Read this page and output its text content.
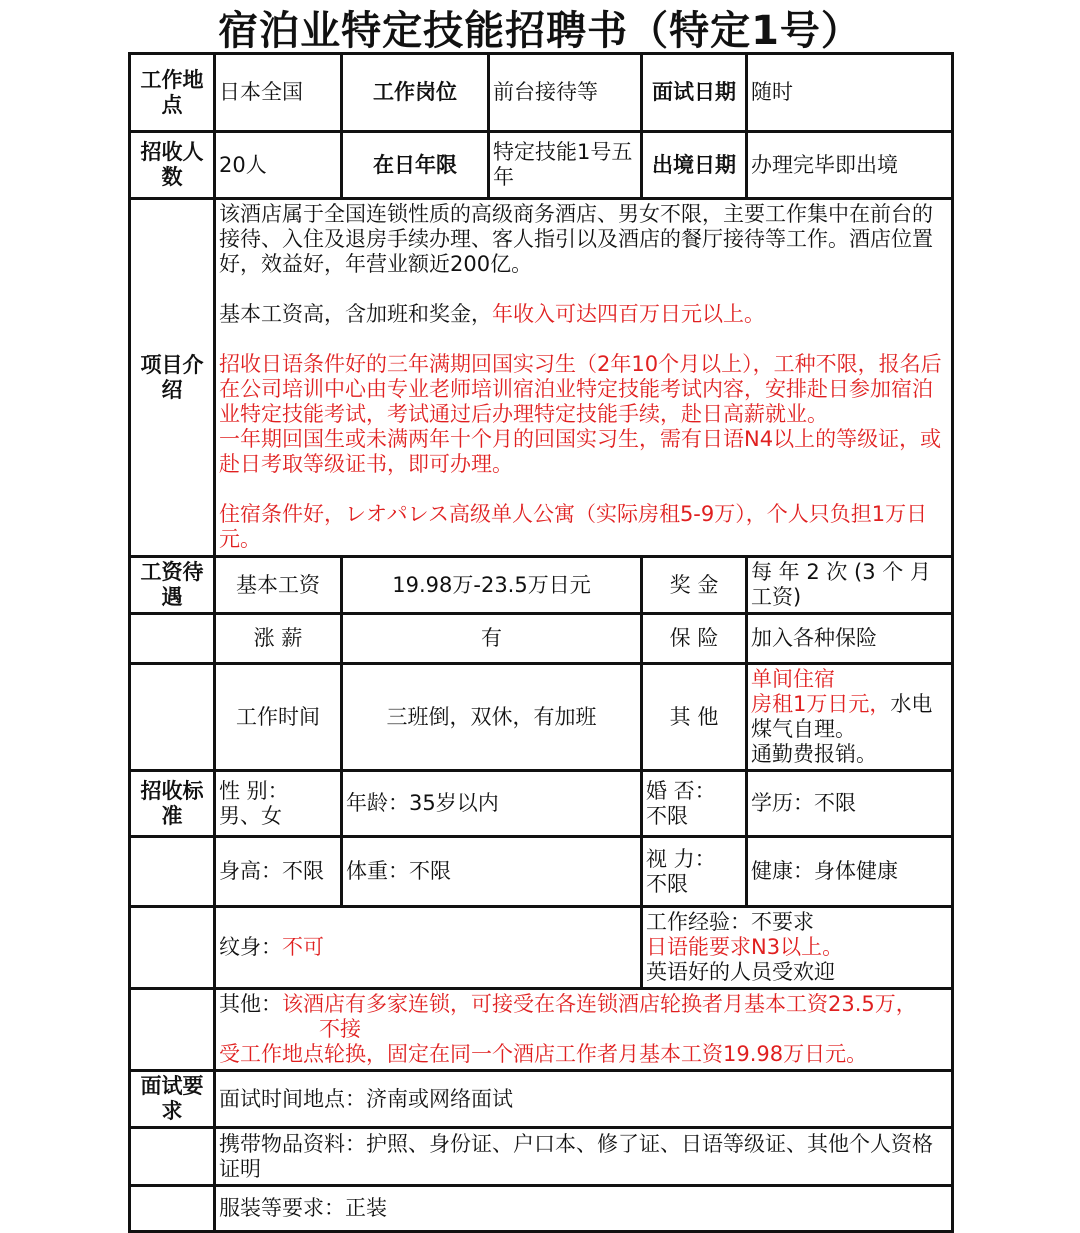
宿泊业特定技能招聘书（特定1号）
工作地点	日本全国	工作岗位	前台接待等	面试日期	随时
招收人数	20人	在日年限	特定技能1号五年	出境日期	办理完毕即出境
项目介绍	该酒店属于全国连锁性质的高级商务酒店、男女不限，主要工作集中在前台的接待、入住及退房手续办理、客人指引以及酒店的餐厅接待等工作。酒店位置好，效益好，年营业额近200亿。

基本工资高，含加班和奖金，年收入可达四百万日元以上。

招收日语条件好的三年满期回国实习生（2年10个月以上），工种不限，报名后在公司培训中心由专业老师培训宿泊业特定技能考试内容，安排赴日参加宿泊业特定技能考试，考试通过后办理特定技能手续，赴日高薪就业。

一年期回国生或未满两年十个月的回国实习生，需有日语N4以上的等级证，或赴日考取等级证书，即可办理。

住宿条件好，レオパレス高级单人公寓（实际房租5-9万），个人只负担1万日元。				

工资待遇	基本工资	19.98万-23.5万日元		奖 金	每 年 2 次 (3 个 月 工资)
	涨 薪	有		保 险	加入各种保险
	工作时间	三班倒，双休，有加班		其 他	单间住宿
房租1万日元，水电煤气自理。
通勤费报销。

招收标准	性 别： 男、女	年龄：35岁以内		婚 否： 不限	学历：不限
	身高：不限	体重：不限		视 力： 不限	健康：身体健康
	纹身：不可			工作经验：不要求
日语能要求N3以上。
英语好的人员受欢迎	

	其他：该酒店有多家连锁，可接受在各连锁酒店轮换者月基本工资23.5万，
不接
受工作地点轮换，固定在同一个酒店工作者月基本工资19.98万日元。				

面试要求	面试时间地点：济南或网络面试				
	携带物品资料：护照、身份证、户口本、修了证、日语等级证、其他个人资格证明				
	服装等要求：正装				
